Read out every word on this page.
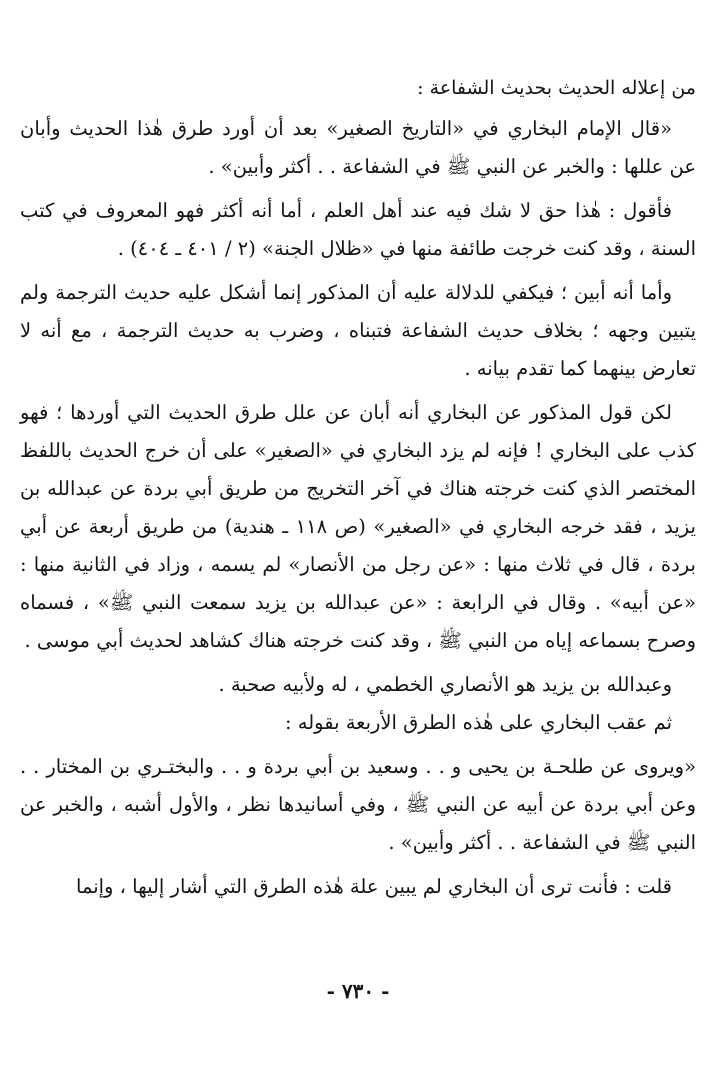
من إعلاله الحديث بحديث الشفاعة :

«قال الإمام البخاري في «التاريخ الصغير» بعد أن أورد طرق هٰذا الحديث وأبان عن عللها : والخبر عن النبي ﷺ في الشفاعة . . أكثر وأبين» .

فأقول : هٰذا حق لا شك فيه عند أهل العلم ، أما أنه أكثر فهو المعروف في كتب السنة ، وقد كنت خرجت طائفة منها في «ظلال الجنة» (٢ / ٤٠١ ـ ٤٠٤) .

وأما أنه أبين ؛ فيكفي للدلالة عليه أن المذكور إنما أشكل عليه حديث الترجمة ولم يتبين وجهه ؛ بخلاف حديث الشفاعة فتبناه ، وضرب به حديث الترجمة ، مع أنه لا تعارض بينهما كما تقدم بيانه .

لكن قول المذكور عن البخاري أنه أبان عن علل طرق الحديث التي أوردها ؛ فهو كذب على البخاري ! فإنه لم يزد البخاري في «الصغير» على أن خرج الحديث باللفظ المختصر الذي كنت خرجته هناك في آخر التخريج من طريق أبي بردة عن عبدالله بن يزيد ، فقد خرجه البخاري في «الصغير» (ص ١١٨ ـ هندية) من طريق أربعة عن أبي بردة ، قال في ثلاث منها : «عن رجل من الأنصار» لم يسمه ، وزاد في الثانية منها : «عن أبيه» . وقال في الرابعة : «عن عبدالله بن يزيد سمعت النبي ﷺ» ، فسماه وصرح بسماعه إياه من النبي ﷺ ، وقد كنت خرجته هناك كشاهد لحديث أبي موسى .

وعبدالله بن يزيد هو الأنصاري الخطمي ، له ولأبيه صحبة .

ثم عقب البخاري على هٰذه الطرق الأربعة بقوله :

«ويروى عن طلحـة بن يحيى و . . وسعيد بن أبي بردة و . . والبختـري بن المختار . . وعن أبي بردة عن أبيه عن النبي ﷺ ، وفي أسانيدها نظر ، والأول أشبه ، والخبر عن النبي ﷺ في الشفاعة . . أكثر وأبين» .

قلت : فأنت ترى أن البخاري لم يبين علة هٰذه الطرق التي أشار إليها ، وإنما

- ٧٣٠ -
